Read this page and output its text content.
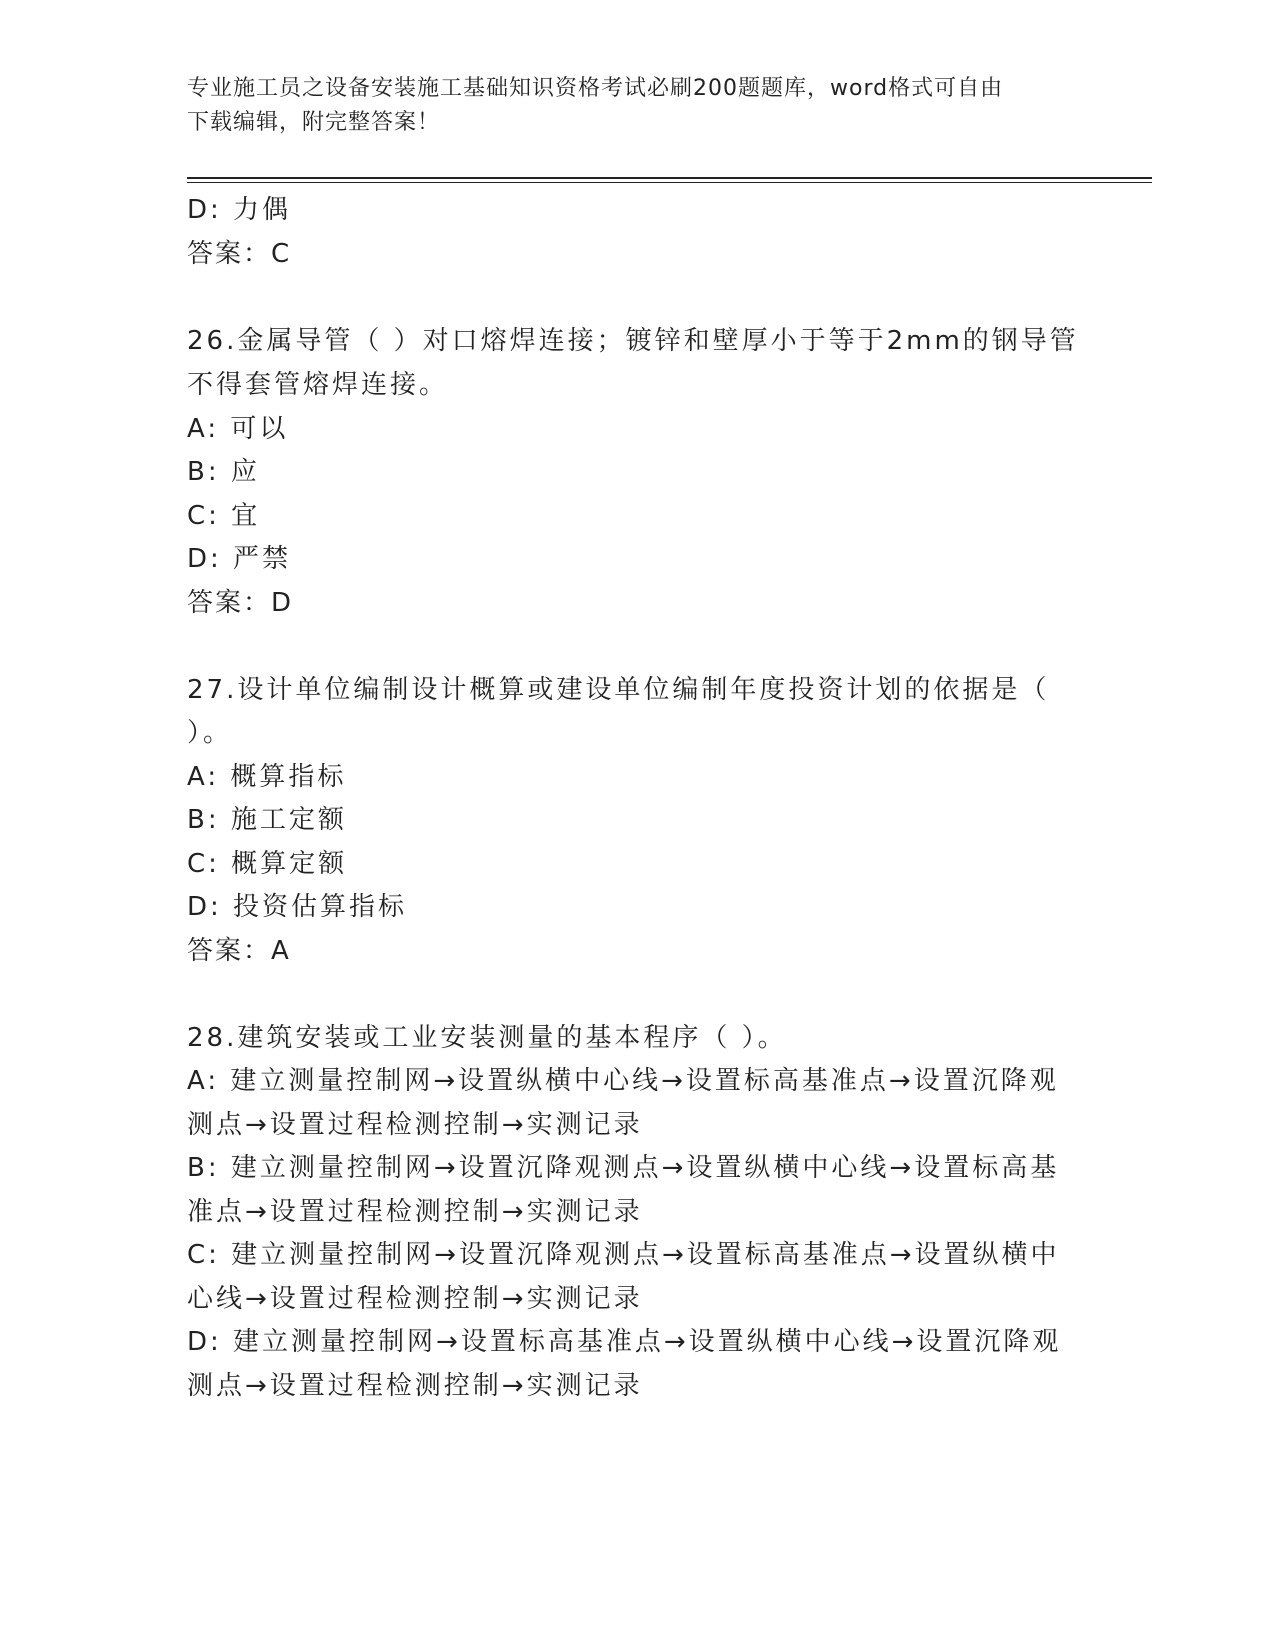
专业施工员之设备安装施工基础知识资格考试必刷200题题库，word格式可自由
下载编辑，附完整答案！
D: 力偶
答案：C
26.金属导管（ ）对口熔焊连接；镀锌和壁厚小于等于2mm的钢导管
不得套管熔焊连接。
A: 可以
B: 应
C: 宜
D: 严禁
答案：D
27.设计单位编制设计概算或建设单位编制年度投资计划的依据是（
）。
A: 概算指标
B: 施工定额
C: 概算定额
D: 投资估算指标
答案：A
28.建筑安装或工业安装测量的基本程序（ ）。
A: 建立测量控制网→设置纵横中心线→设置标高基准点→设置沉降观
测点→设置过程检测控制→实测记录
B: 建立测量控制网→设置沉降观测点→设置纵横中心线→设置标高基
准点→设置过程检测控制→实测记录
C: 建立测量控制网→设置沉降观测点→设置标高基准点→设置纵横中
心线→设置过程检测控制→实测记录
D: 建立测量控制网→设置标高基准点→设置纵横中心线→设置沉降观
测点→设置过程检测控制→实测记录
